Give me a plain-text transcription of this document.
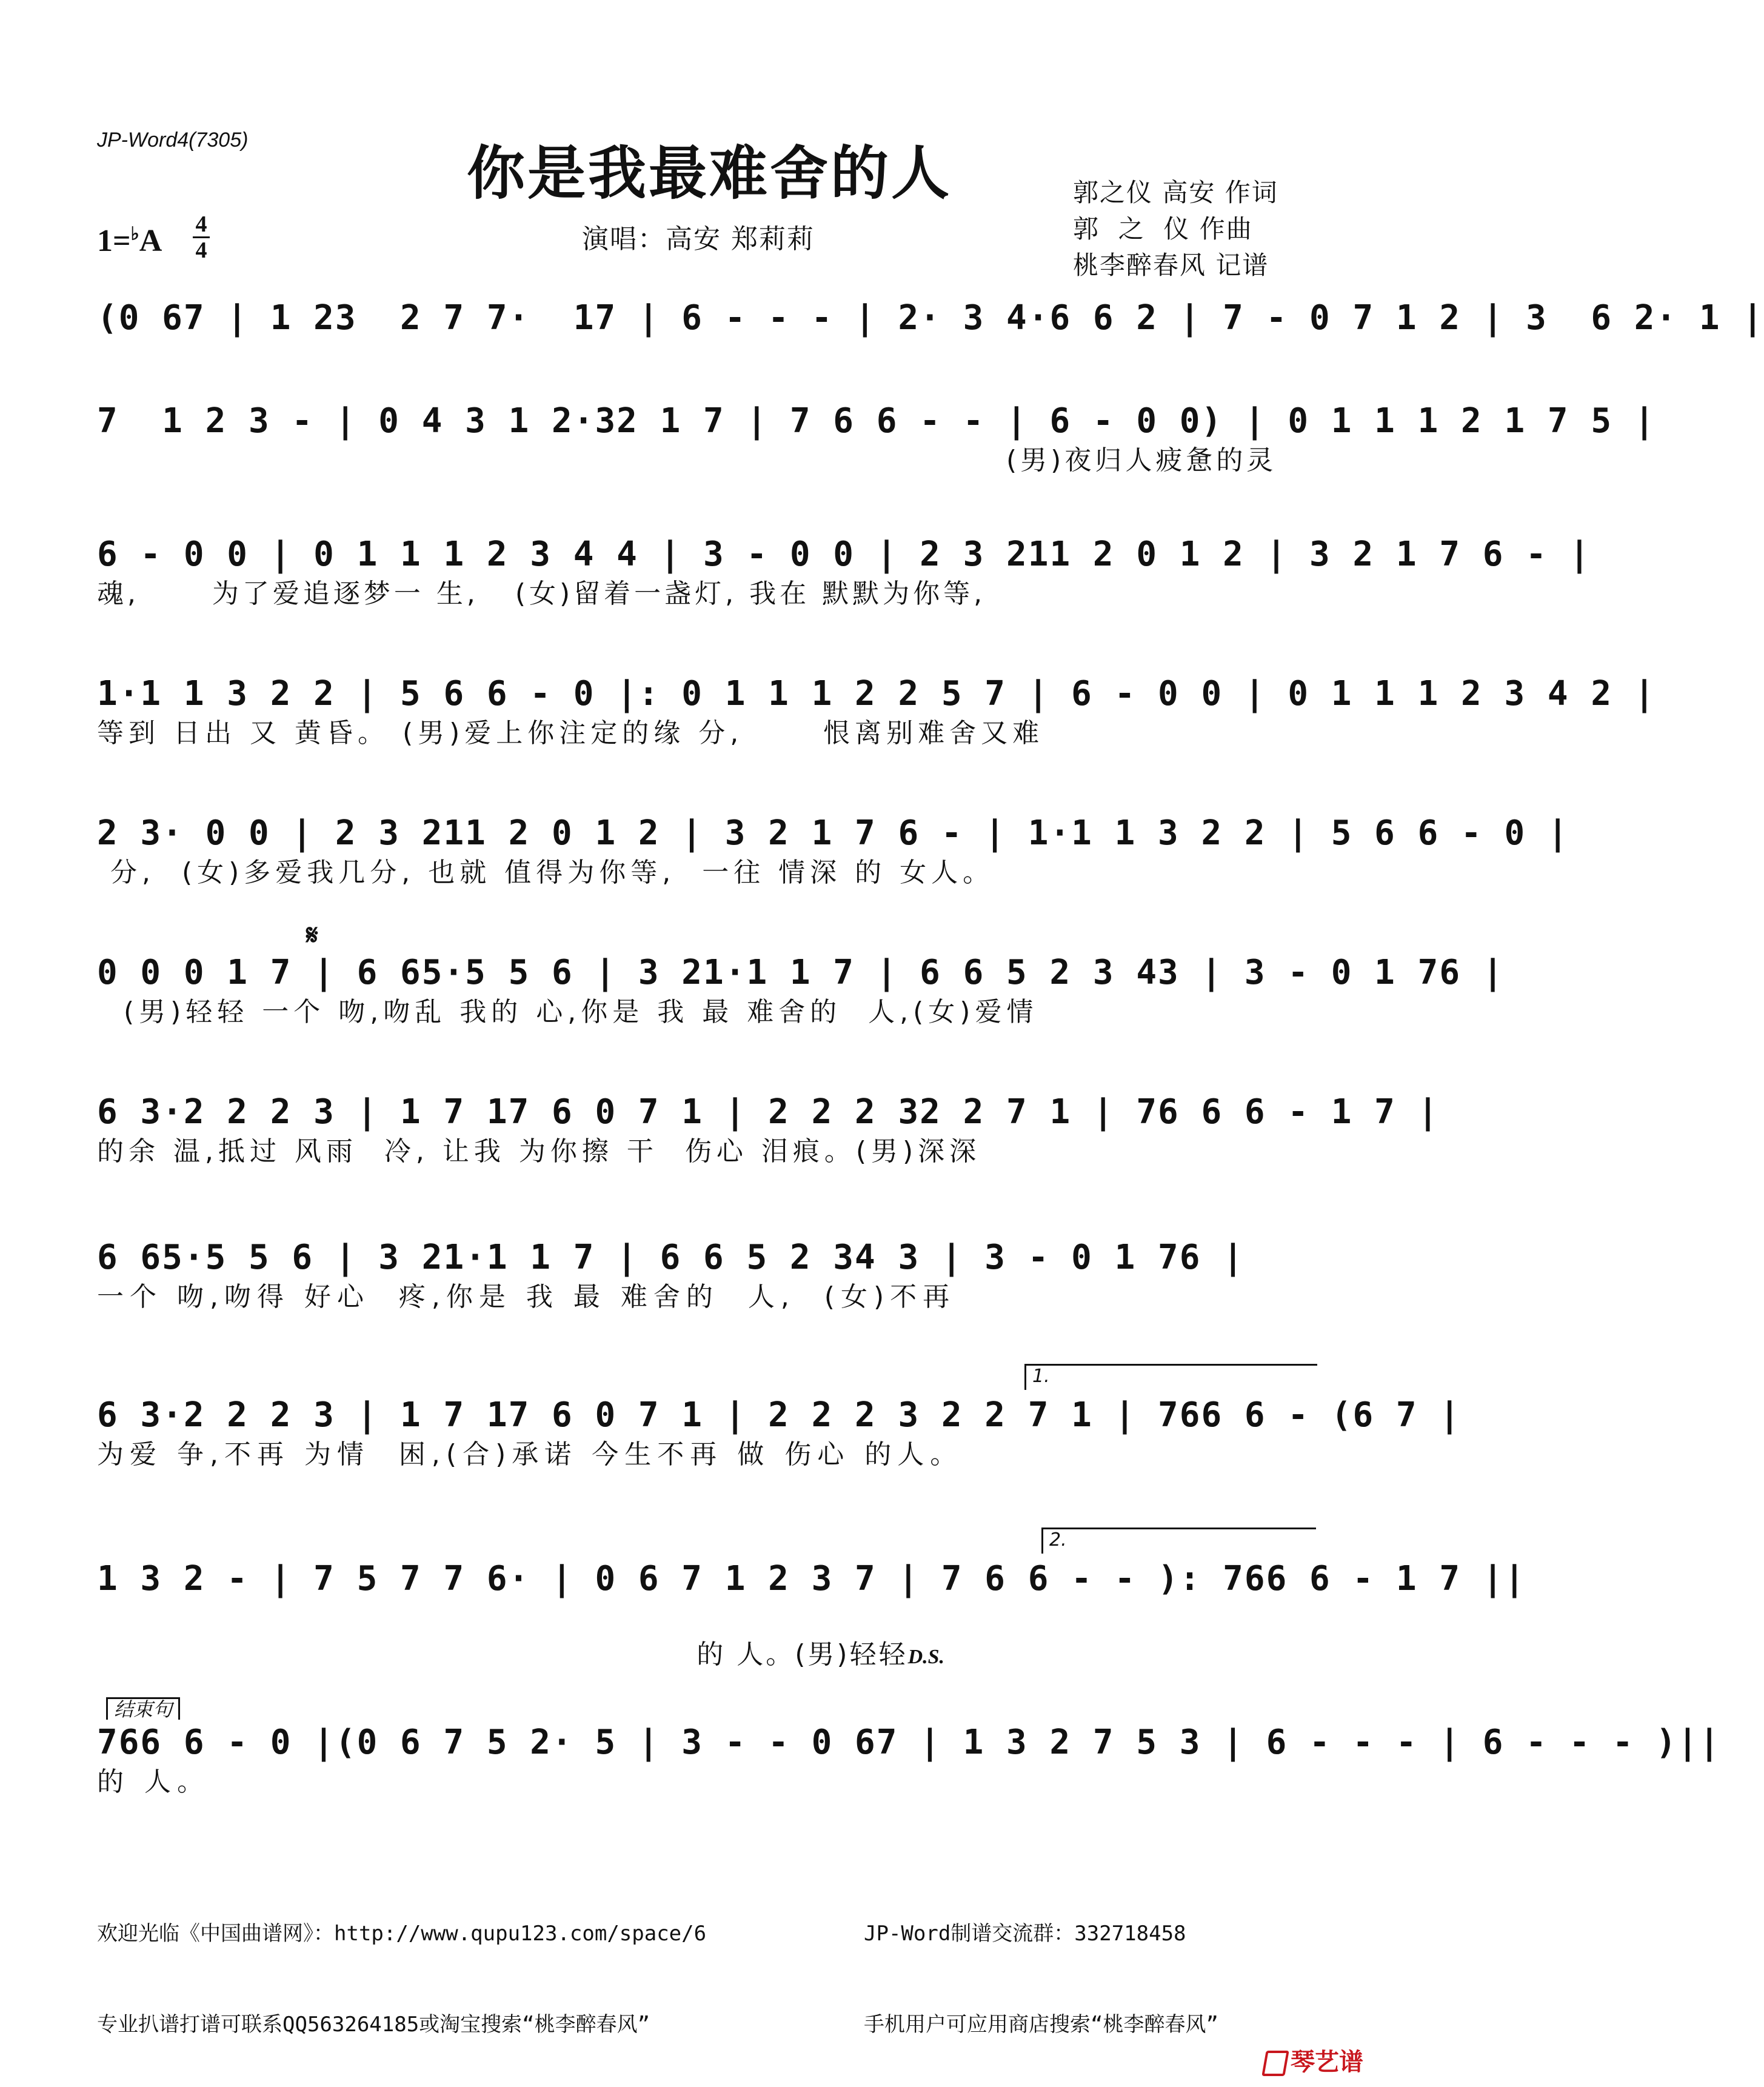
JP-Word4(7305)	你是我最难舍的人	郭之仪 高安 作词
郭  之  仪 作曲
桃李醉春风 记谱
1=♭A 4
4	演唱：高安 郑莉莉
(0 67 | 1 23  2 7 7·  17 | 6 - - - | 2· 3 4·6 6 2 | 7 - 0 7 1 2 | 3  6 2· 1 |
7  1 2 3 - | 0 4 3 1 2·32 1 7 | 7 6 6 - - | 6 - 0 0) | 0 1 1 1 2 1 7 5 |
(男)夜归人疲惫的灵
6 - 0 0 | 0 1 1 1 2 3 4 4 | 3 - 0 0 | 2 3 211 2 0 1 2 | 3 2 1 7 6 - |
魂,      为了爱追逐梦一 生,   (女)留着一盏灯, 我在 默默为你等,
1·1 1 3 2 2 | 5 6 6 - 0 |: 0 1 1 1 2 2 5 7 | 6 - 0 0 | 0 1 1 1 2 3 4 2 |
等到 日出 又 黄昏。 (男)爱上你注定的缘 分,      恨离别难舍又难
2 3· 0 0 | 2 3 211 2 0 1 2 | 3 2 1 7 6 - | 1·1 1 3 2 2 | 5 6 6 - 0 |
分,  (女)多爱我几分, 也就 值得为你等,  一往 情深 的 女人。
𝄋
0 0 0 1 7 | 6 65·5 5 6 | 3 21·1 1 7 | 6 6 5 2 3 43 | 3 - 0 1 76 |
(男)轻轻 一个 吻,吻乱 我的 心,你是 我 最 难舍的  人,(女)爱情
6 3·2 2 2 3 | 1 7 17 6 0 7 1 | 2 2 2 32 2 7 1 | 76 6 6 - 1 7 |
的余 温,抵过 风雨  冷, 让我 为你擦 干  伤心 泪痕。(男)深深
6 65·5 5 6 | 3 21·1 1 7 | 6 6 5 2 34 3 | 3 - 0 1 76 |
一个 吻,吻得 好心  疼,你是 我 最 难舍的  人,  (女)不再
1.
6 3·2 2 2 3 | 1 7 17 6 0 7 1 | 2 2 2 3 2 2 7 1 | 766 6 - (6 7 |
为爱 争,不再 为情  困,(合)承诺 今生不再 做 伤心 的人。
2.
1 3 2 - | 7 5 7 7 6· | 0 6 7 1 2 3 7 | 7 6 6 - - ): 766 6 - 1 7 ||

的 人。(男)轻轻D.S.

结束句
766 6 - 0 |(0 6 7 5 2· 5 | 3 - - 0 67 | 1 3 2 7 5 3 | 6 - - - | 6 - - - )||
的 人。

欢迎光临《中国曲谱网》：http://www.qupu123.com/space/6

专业扒谱打谱可联系QQ563264185或淘宝搜索“桃李醉春风”

JP-Word制谱交流群：332718458

手机用户可应用商店搜索“桃李醉春风”

琴艺谱
